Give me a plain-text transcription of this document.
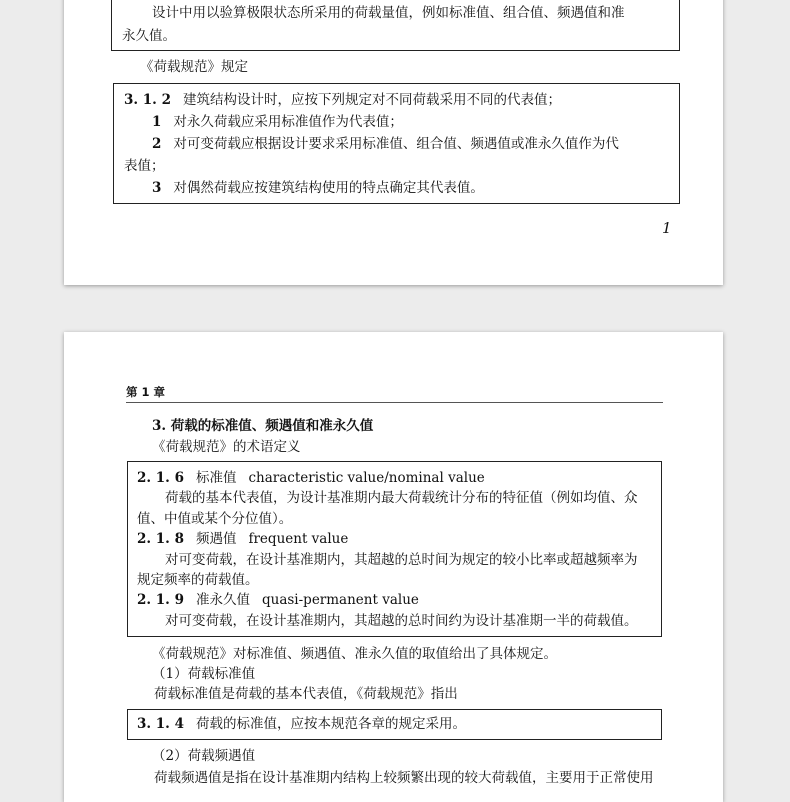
设计中用以验算极限状态所采用的荷载量值，例如标准值、组合值、频遇值和准
永久值。
《荷载规范》规定
3. 1. 2 建筑结构设计时，应按下列规定对不同荷载采用不同的代表值；
1 对永久荷载应采用标准值作为代表值；
2 对可变荷载应根据设计要求采用标准值、组合值、频遇值或准永久值作为代
表值；
3 对偶然荷载应按建筑结构使用的特点确定其代表值。
1
第 1 章
3. 荷载的标准值、频遇值和准永久值
《荷载规范》的术语定义
2. 1. 6 标准值 characteristic value/nominal value
荷载的基本代表值，为设计基准期内最大荷载统计分布的特征值（例如均值、众
值、中值或某个分位值）。
2. 1. 8 频遇值 frequent value
对可变荷载，在设计基准期内，其超越的总时间为规定的较小比率或超越频率为
规定频率的荷载值。
2. 1. 9 准永久值 quasi-permanent value
对可变荷载，在设计基准期内，其超越的总时间约为设计基准期一半的荷载值。
《荷载规范》对标准值、频遇值、准永久值的取值给出了具体规定。
（1）荷载标准值
荷载标准值是荷载的基本代表值，《荷载规范》指出
3. 1. 4 荷载的标准值，应按本规范各章的规定采用。
（2）荷载频遇值
荷载频遇值是指在设计基准期内结构上较频繁出现的较大荷载值，主要用于正常使用
